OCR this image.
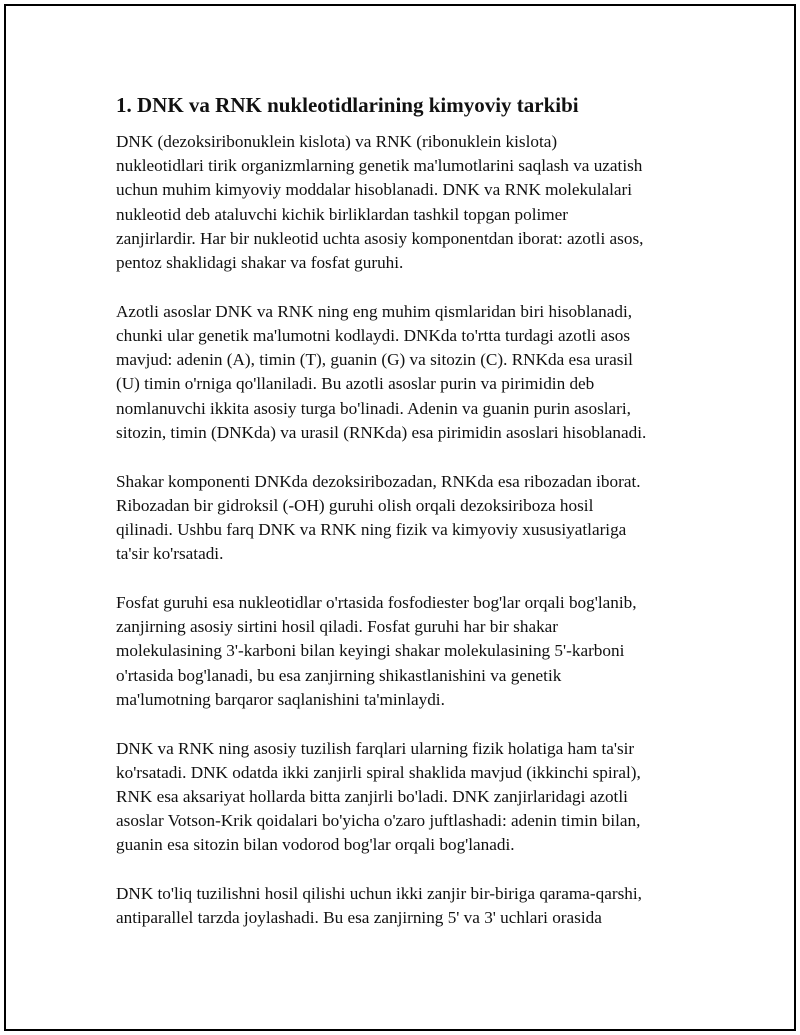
1. DNK va RNK nukleotidlarining kimyoviy tarkibi

DNK (dezoksiribonuklein kislota) va RNK (ribonuklein kislota)
nukleotidlari tirik organizmlarning genetik ma'lumotlarini saqlash va uzatish
uchun muhim kimyoviy moddalar hisoblanadi. DNK va RNK molekulalari
nukleotid deb ataluvchi kichik birliklardan tashkil topgan polimer
zanjirlardir. Har bir nukleotid uchta asosiy komponentdan iborat: azotli asos,
pentoz shaklidagi shakar va fosfat guruhi.

Azotli asoslar DNK va RNK ning eng muhim qismlaridan biri hisoblanadi,
chunki ular genetik ma'lumotni kodlaydi. DNKda to'rtta turdagi azotli asos
mavjud: adenin (A), timin (T), guanin (G) va sitozin (C). RNKda esa urasil
(U) timin o'rniga qo'llaniladi. Bu azotli asoslar purin va pirimidin deb
nomlanuvchi ikkita asosiy turga bo'linadi. Adenin va guanin purin asoslari,
sitozin, timin (DNKda) va urasil (RNKda) esa pirimidin asoslari hisoblanadi.

Shakar komponenti DNKda dezoksiribozadan, RNKda esa ribozadan iborat.
Ribozadan bir gidroksil (-OH) guruhi olish orqali dezoksiriboza hosil
qilinadi. Ushbu farq DNK va RNK ning fizik va kimyoviy xususiyatlariga
ta'sir ko'rsatadi.

Fosfat guruhi esa nukleotidlar o'rtasida fosfodiester bog'lar orqali bog'lanib,
zanjirning asosiy sirtini hosil qiladi. Fosfat guruhi har bir shakar
molekulasining 3'-karboni bilan keyingi shakar molekulasining 5'-karboni
o'rtasida bog'lanadi, bu esa zanjirning shikastlanishini va genetik
ma'lumotning barqaror saqlanishini ta'minlaydi.

DNK va RNK ning asosiy tuzilish farqlari ularning fizik holatiga ham ta'sir
ko'rsatadi. DNK odatda ikki zanjirli spiral shaklida mavjud (ikkinchi spiral),
RNK esa aksariyat hollarda bitta zanjirli bo'ladi. DNK zanjirlaridagi azotli
asoslar Votson-Krik qoidalari bo'yicha o'zaro juftlashadi: adenin timin bilan,
guanin esa sitozin bilan vodorod bog'lar orqali bog'lanadi.

DNK to'liq tuzilishni hosil qilishi uchun ikki zanjir bir-biriga qarama-qarshi,
antiparallel tarzda joylashadi. Bu esa zanjirning 5' va 3' uchlari orasida
